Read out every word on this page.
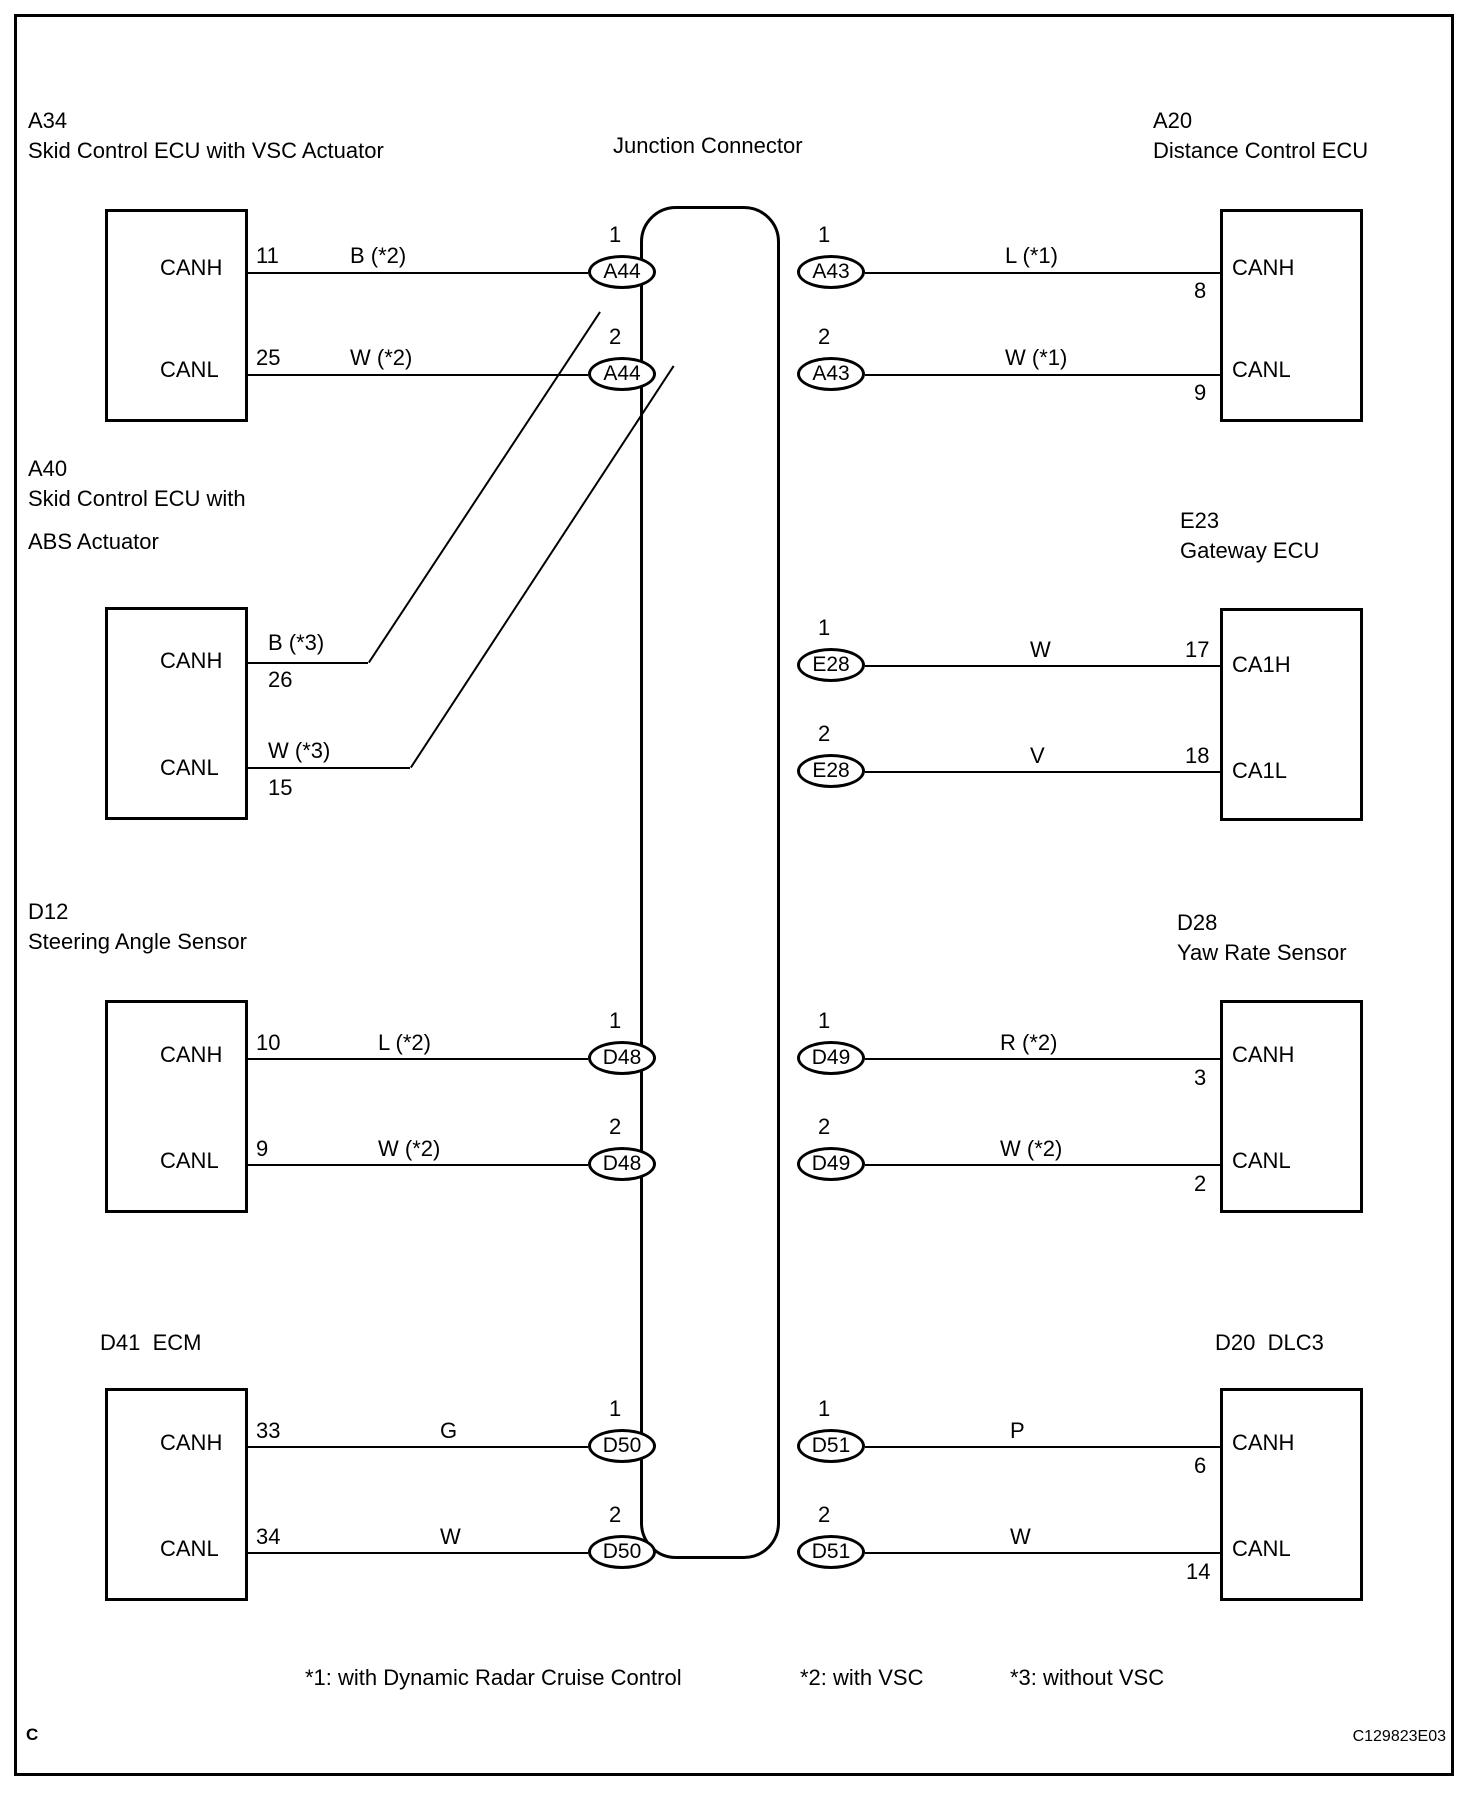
A34
Skid Control ECU with VSC Actuator	Junction Connector
A20
Distance Control ECU
A40
Skid Control ECU with
ABS Actuator
E23
Gateway ECU
D12
Steering Angle Sensor
D28
Yaw Rate Sensor
D41  ECM	D20  DLC3
CANH
CANL
11
25
B (*2)
W (*2)
1
A44
2
A44
1
A43
2
A43
CANH
CANL
8
9
L (*1)
W (*1)
CANH
CANL
26
15
B (*3)
W (*3)
CA1H
CA1L
17
18
W
V
1
E28
2
E28
CANH
CANL
10
9
L (*2)
W (*2)
1
D48
2
D48
CANH
CANL
3
2
R (*2)
W (*2)
1
D49
2
D49
CANH
CANL
33
34
G
W
1
D50
2
D50
CANH
CANL
6
14
P
W
1
D51
2
D51
*1: with Dynamic Radar Cruise Control	*2: with VSC	*3: without VSC
C	C129823E03
